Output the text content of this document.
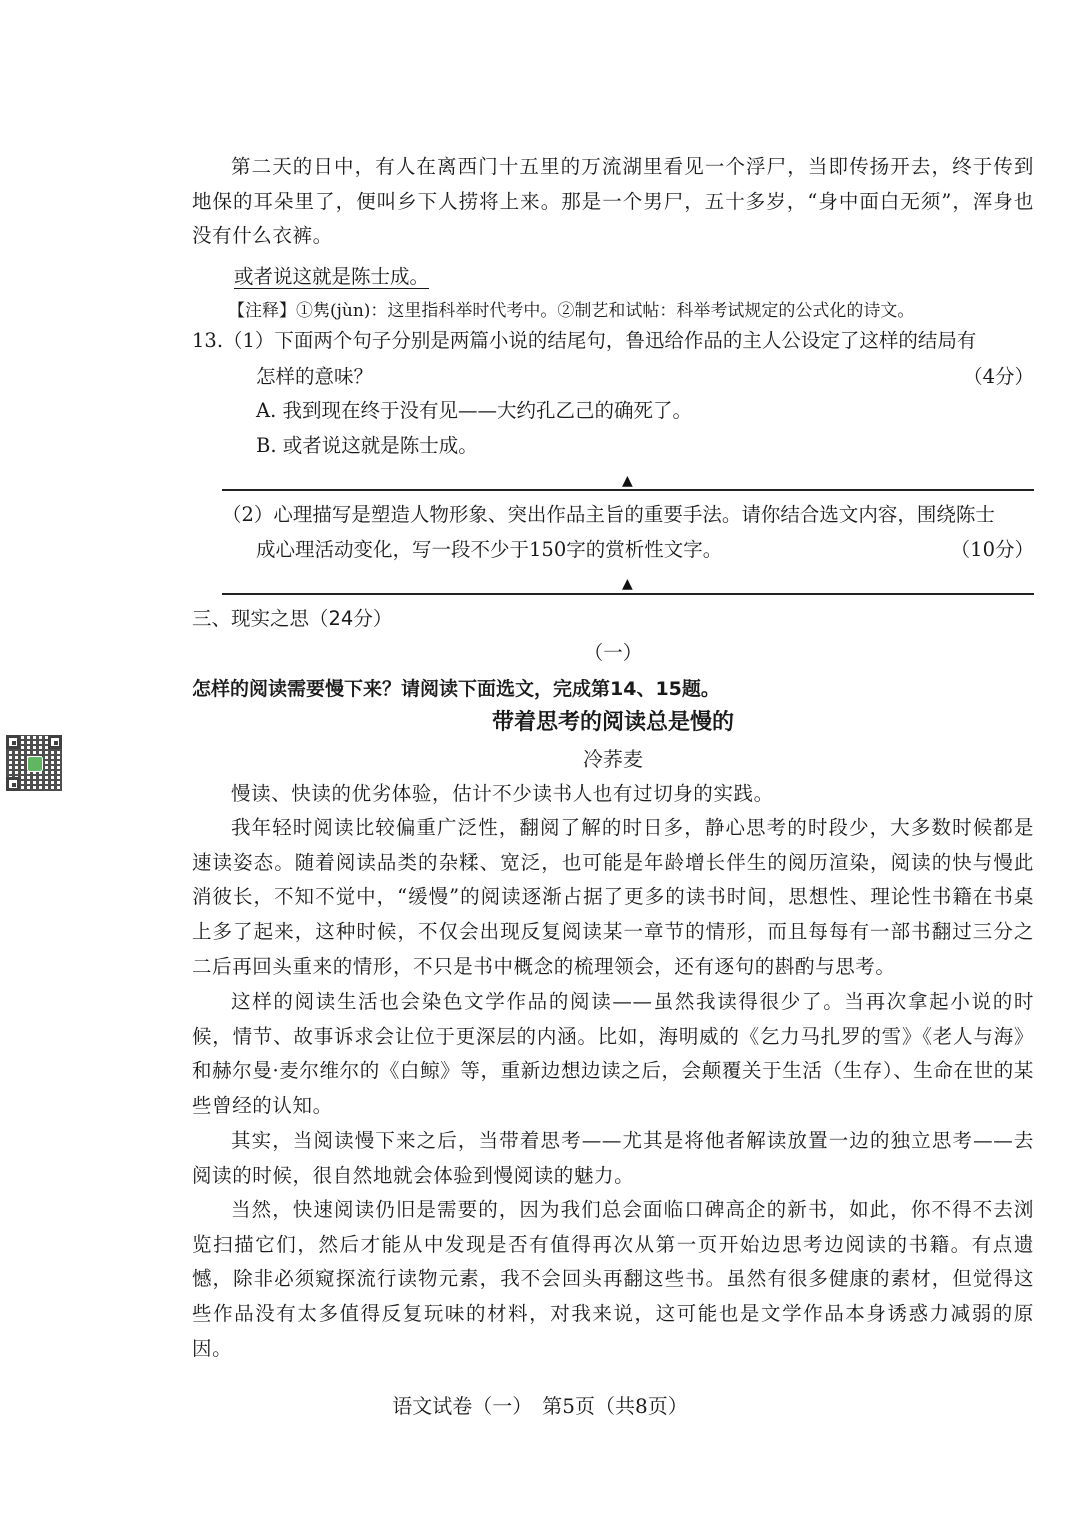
第二天的日中，有人在离西门十五里的万流湖里看见一个浮尸，当即传扬开去，终于传到地保的耳朵里了，便叫乡下人捞将上来。那是一个男尸，五十多岁，“身中面白无须”，浑身也没有什么衣裤。

或者说这就是陈士成。
【注释】①隽(jùn)：这里指科举时代考中。②制艺和试帖：科举考试规定的公式化的诗文。
13.（1）下面两个句子分别是两篇小说的结尾句，鲁迅给作品的主人公设定了这样的结局有
怎样的意味？	（4分）
A. 我到现在终于没有见——大约孔乙己的确死了。
B. 或者说这就是陈士成。
▲
（2）心理描写是塑造人物形象、突出作品主旨的重要手法。请你结合选文内容，围绕陈士
成心理活动变化，写一段不少于150字的赏析性文字。	（10分）
▲
三、现实之思（24分）
（一）
怎样的阅读需要慢下来？请阅读下面选文，完成第14、15题。
带着思考的阅读总是慢的
冷荞麦

慢读、快读的优劣体验，估计不少读书人也有过切身的实践。

我年轻时阅读比较偏重广泛性，翻阅了解的时日多，静心思考的时段少，大多数时候都是速读姿态。随着阅读品类的杂糅、宽泛，也可能是年龄增长伴生的阅历渲染，阅读的快与慢此消彼长，不知不觉中，“缓慢”的阅读逐渐占据了更多的读书时间，思想性、理论性书籍在书桌上多了起来，这种时候，不仅会出现反复阅读某一章节的情形，而且每每有一部书翻过三分之二后再回头重来的情形，不只是书中概念的梳理领会，还有逐句的斟酌与思考。

这样的阅读生活也会染色文学作品的阅读——虽然我读得很少了。当再次拿起小说的时候，情节、故事诉求会让位于更深层的内涵。比如，海明威的《乞力马扎罗的雪》《老人与海》和赫尔曼·麦尔维尔的《白鲸》等，重新边想边读之后，会颠覆关于生活（生存）、生命在世的某些曾经的认知。

其实，当阅读慢下来之后，当带着思考——尤其是将他者解读放置一边的独立思考——去阅读的时候，很自然地就会体验到慢阅读的魅力。

当然，快速阅读仍旧是需要的，因为我们总会面临口碑高企的新书，如此，你不得不去浏览扫描它们，然后才能从中发现是否有值得再次从第一页开始边思考边阅读的书籍。有点遗憾，除非必须窥探流行读物元素，我不会回头再翻这些书。虽然有很多健康的素材，但觉得这些作品没有太多值得反复玩味的材料，对我来说，这可能也是文学作品本身诱惑力减弱的原因。

语文试卷（一）　第5页（共8页）
